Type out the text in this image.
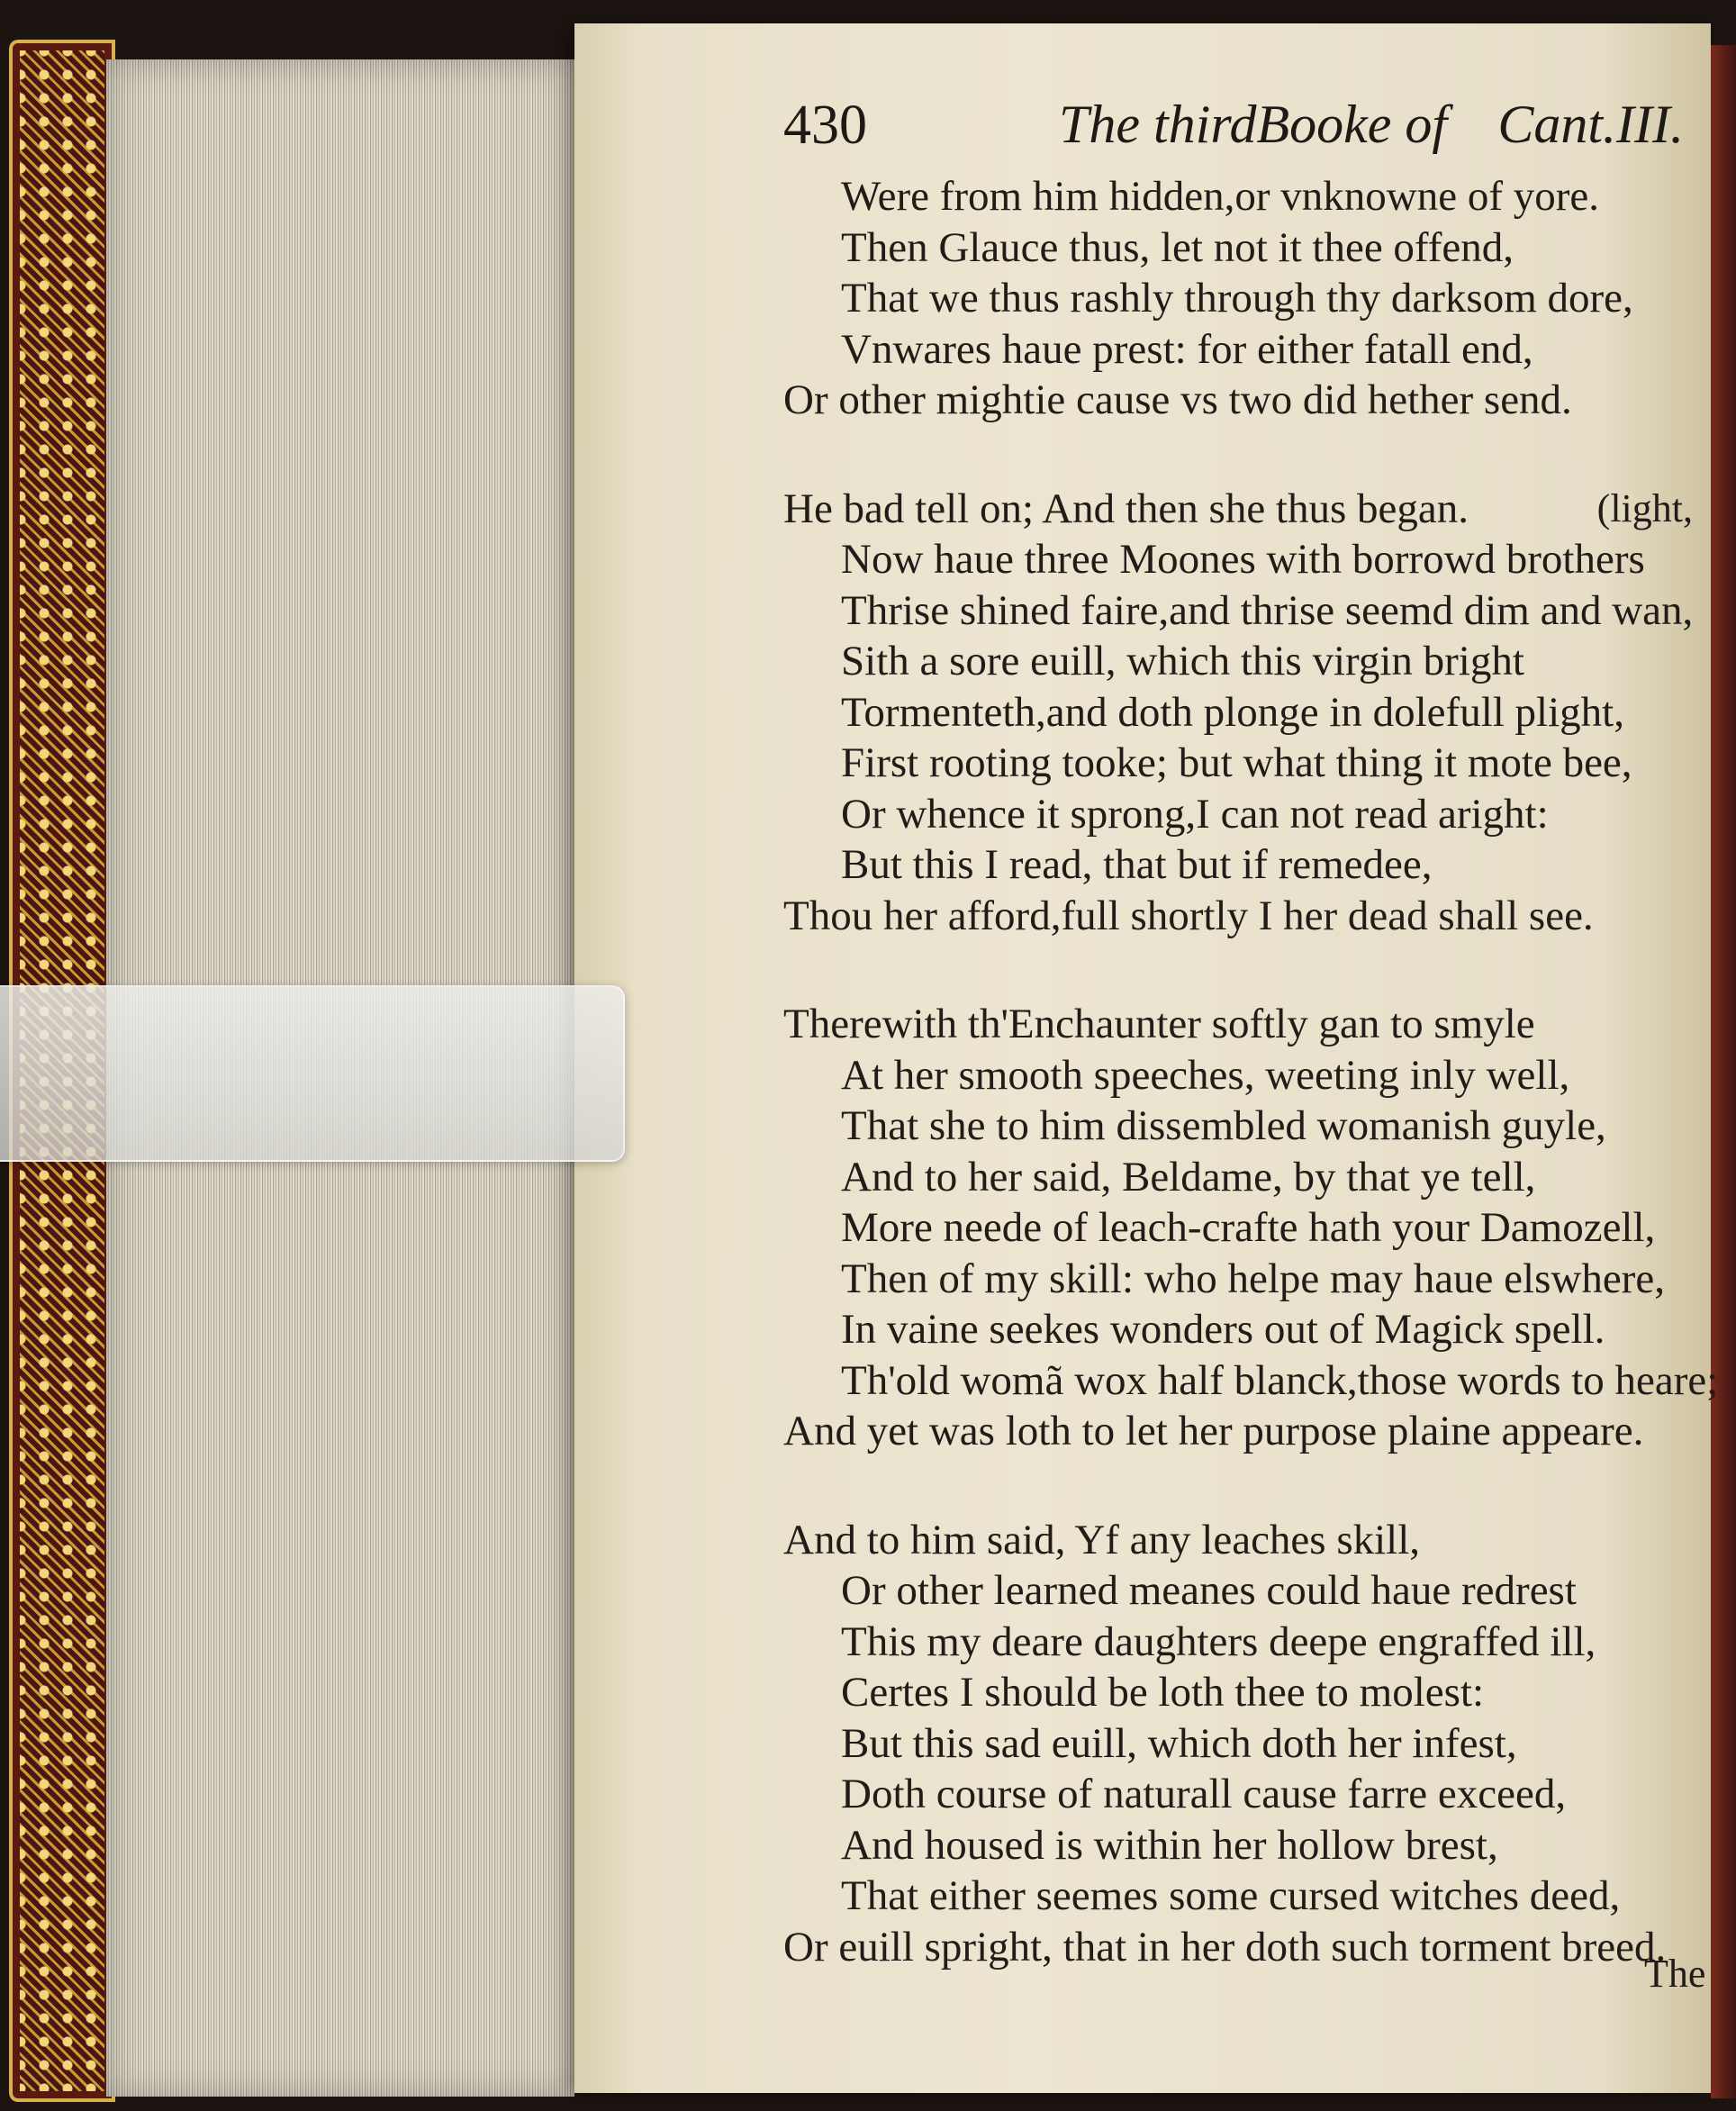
430	The thirdBooke of Cant.III.
Were from him hidden,or vnknowne of yore.
Then Glauce thus, let not it thee offend,
That we thus rashly through thy darksom dore,
Vnwares haue prest: for either fatall end,
Or other mightie cause vs two did hether send.
He bad tell on; And then she thus began.	(light,
Now haue three Moones with borrowd brothers
Thrise shined faire,and thrise seemd dim and wan,
Sith a sore euill, which this virgin bright
Tormenteth,and doth plonge in dolefull plight,
First rooting tooke; but what thing it mote bee,
Or whence it sprong,I can not read aright:
But this I read, that but if remedee,
Thou her afford,full shortly I her dead shall see.
Therewith th'Enchaunter softly gan to smyle
At her smooth speeches, weeting inly well,
That she to him dissembled womanish guyle,
And to her said, Beldame, by that ye tell,
More neede of leach-crafte hath your Damozell,
Then of my skill: who helpe may haue elswhere,
In vaine seekes wonders out of Magick spell.
Th'old womã wox half blanck,those words to heare;
And yet was loth to let her purpose plaine appeare.
And to him said, Yf any leaches skill,
Or other learned meanes could haue redrest
This my deare daughters deepe engraffed ill,
Certes I should be loth thee to molest:
But this sad euill, which doth her infest,
Doth course of naturall cause farre exceed,
And housed is within her hollow brest,
That either seemes some cursed witches deed,
Or euill spright, that in her doth such torment breed.
The
